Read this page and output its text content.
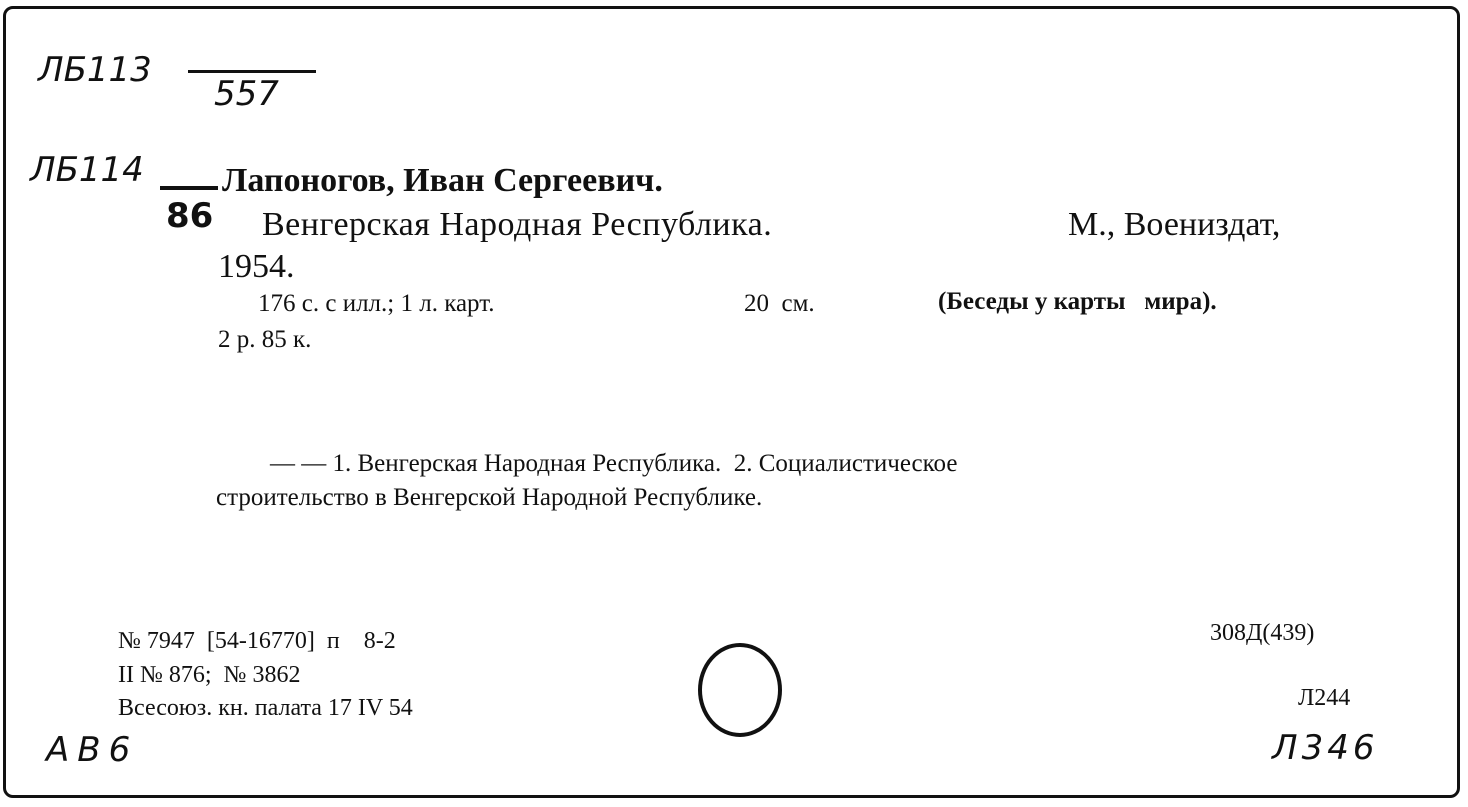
ЛБ113
557
ЛБ114
86
Лапоногов, Иван Сергеевич.
Венгерская Народная Республика.	М., Воениздат,
1954.
176 с. с илл.; 1 л. карт.	20  см.	(Беседы у карты   мира).
2 р. 85 к.
— — 1. Венгерская Народная Республика.  2. Социалистическое
строительство в Венгерской Народной Республике.
№ 7947  [54-16770]  п    8-2
II № 876;  № 3862
Всесоюз. кн. палата 17 IV 54
308Д(439)
Л244
АВ6	Л346
